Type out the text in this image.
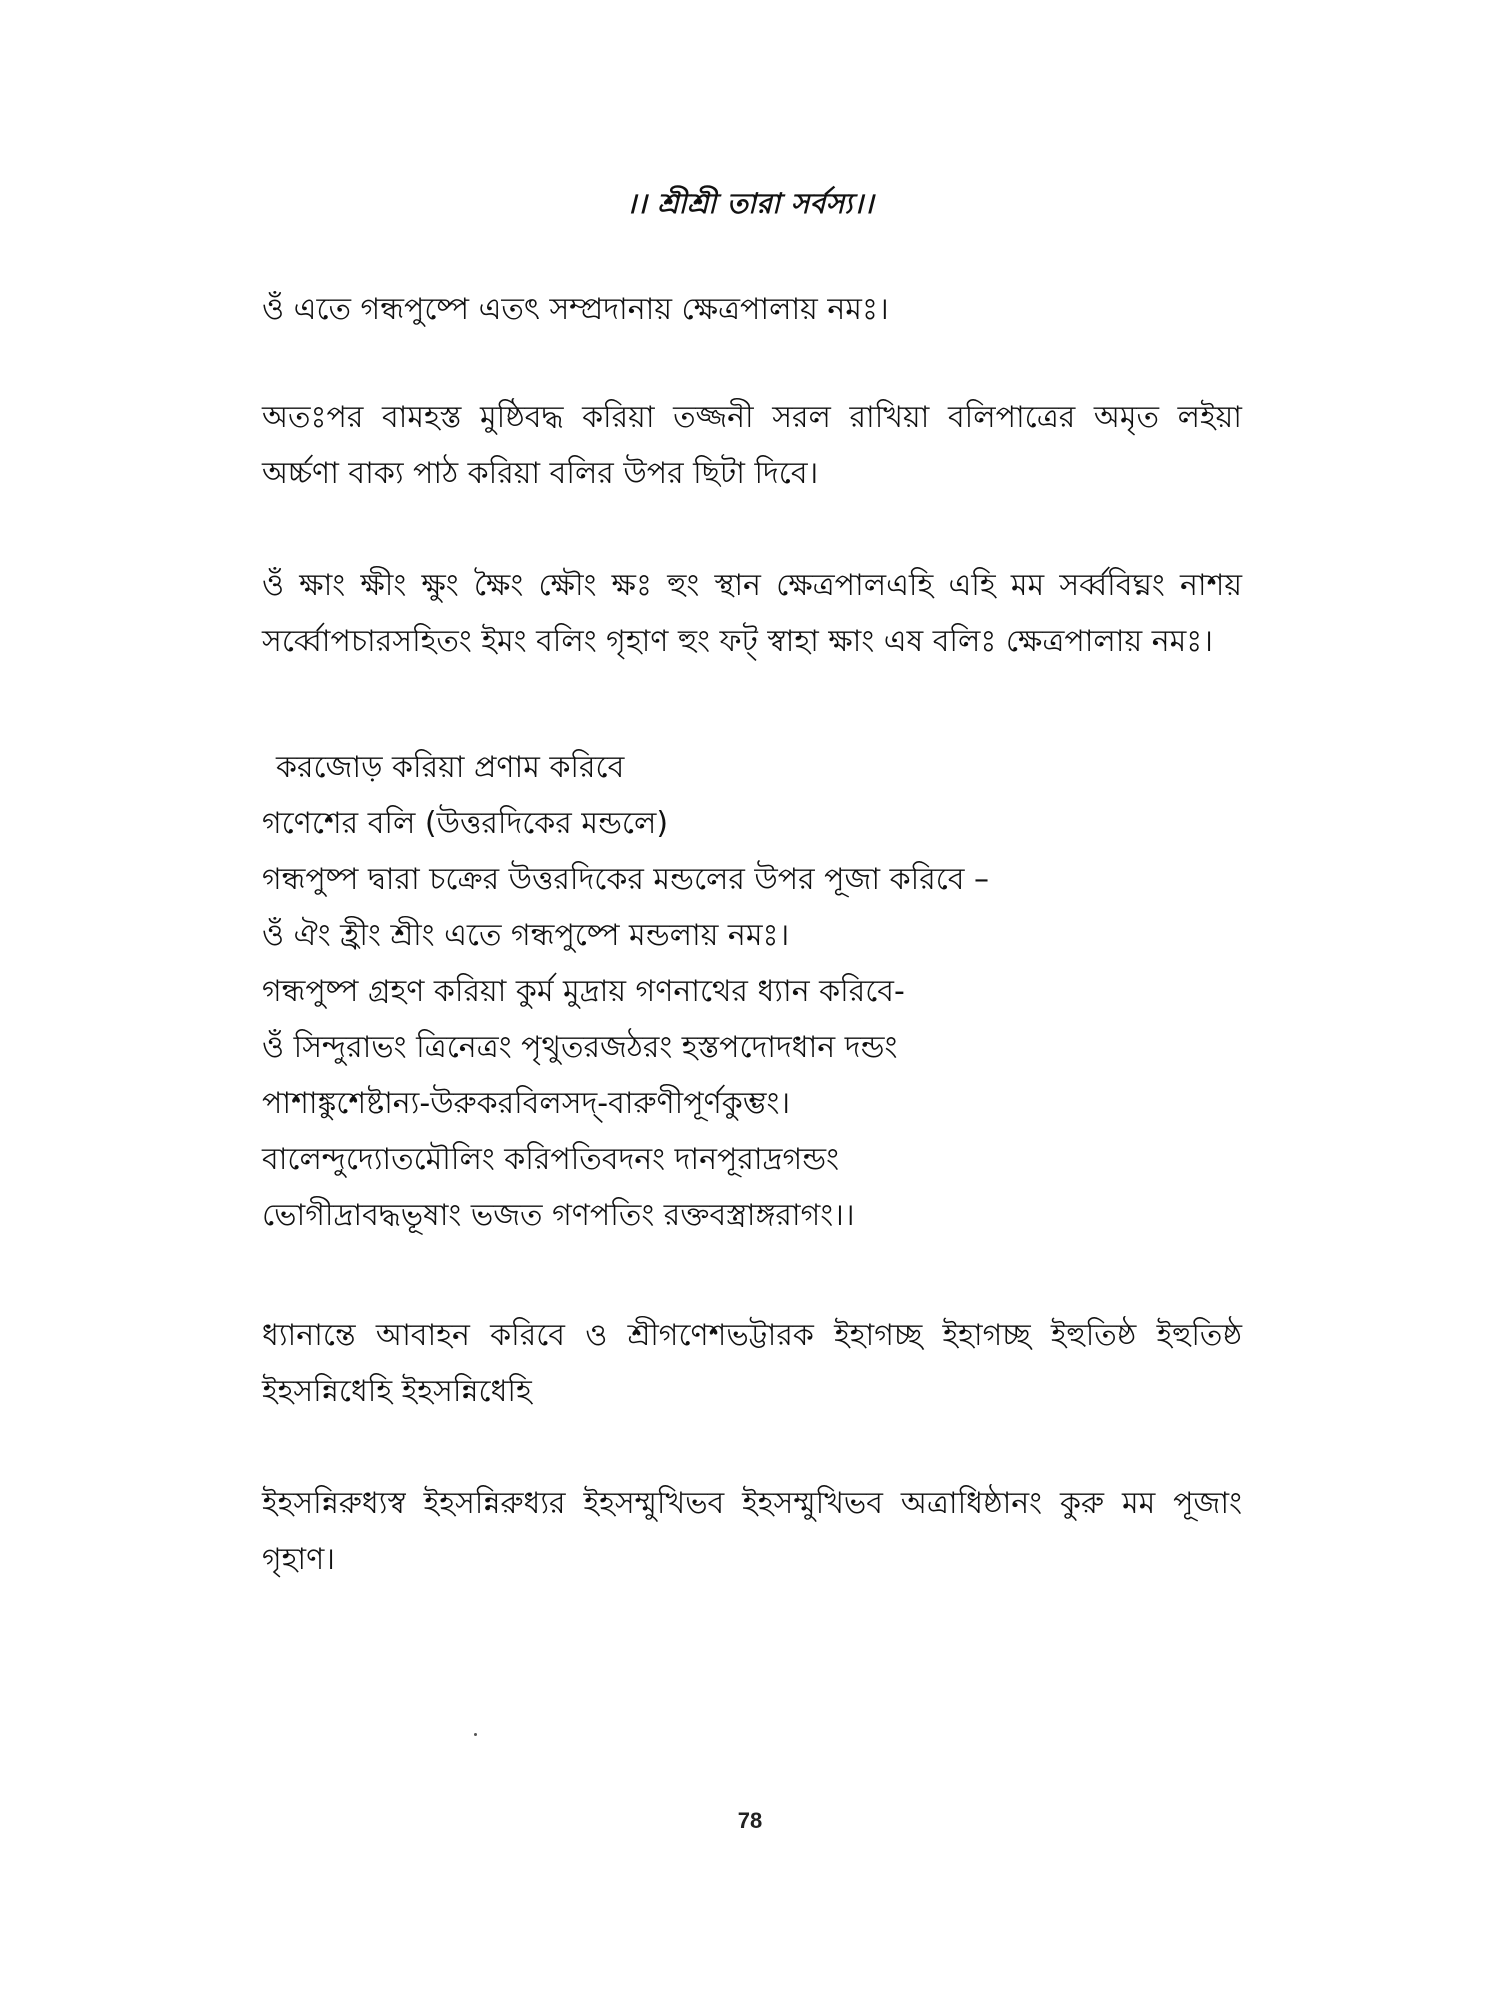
।। শ্রীশ্রী তারা সর্বস্য।।

ওঁ এতে গন্ধপুষ্পে এতৎ সম্প্রদানায় ক্ষেত্রপালায় নমঃ।

অতঃপর বামহস্ত মুষ্ঠিবদ্ধ করিয়া তজ্জনী সরল রাখিয়া বলিপাত্রের অমৃত লইয়া অর্চ্চণা বাক্য পাঠ করিয়া বলির উপর ছিটা দিবে।

ওঁ ক্ষাং ক্ষীং ক্ষুং ক্ষৈং ক্ষৌং ক্ষঃ হুং স্থান ক্ষেত্রপালএহি এহি মম সর্ব্ববিঘ্নং নাশয় সর্ব্বোপচারসহিতং ইমং বলিং গৃহাণ হুং ফট্ স্বাহা ক্ষাং এষ বলিঃ ক্ষেত্রপালায় নমঃ।

করজোড় করিয়া প্রণাম করিবে
গণেশের বলি (উত্তরদিকের মন্ডলে)
গন্ধপুষ্প দ্বারা চক্রের উত্তরদিকের মন্ডলের উপর পূজা করিবে –
ওঁ ঐং হ্রীং শ্রীং এতে গন্ধপুষ্পে মন্ডলায় নমঃ।
গন্ধপুষ্প গ্রহণ করিয়া কুর্ম মুদ্রায় গণনাথের ধ্যান করিবে-
ওঁ সিন্দুরাভং ত্রিনেত্রং পৃথুতরজঠরং হস্তপদোদধান দন্ডং
পাশাঙ্কুশেষ্টান্য-উরুকরবিলসদ্-বারুণীপূর্ণকুম্ভং।
বালেন্দুদ্যোতমৌলিং করিপতিবদনং দানপূরাদ্রগন্ডং
ভোগীদ্রাবদ্ধভূষাং ভজত গণপতিং রক্তবস্ত্রাঙ্গরাগং।।

ধ্যানান্তে আবাহন করিবে ও শ্রীগণেশভট্টারক ইহাগচ্ছ ইহাগচ্ছ ইহুতিষ্ঠ ইহুতিষ্ঠ ইহসন্নিধেহি ইহসন্নিধেহি

ইহসন্নিরুধ্যস্ব ইহসন্নিরুধ্যর ইহসম্মুখিভব ইহসম্মুখিভব অত্রাধিষ্ঠানং কুরু মম পূজাং গৃহাণ।

78
